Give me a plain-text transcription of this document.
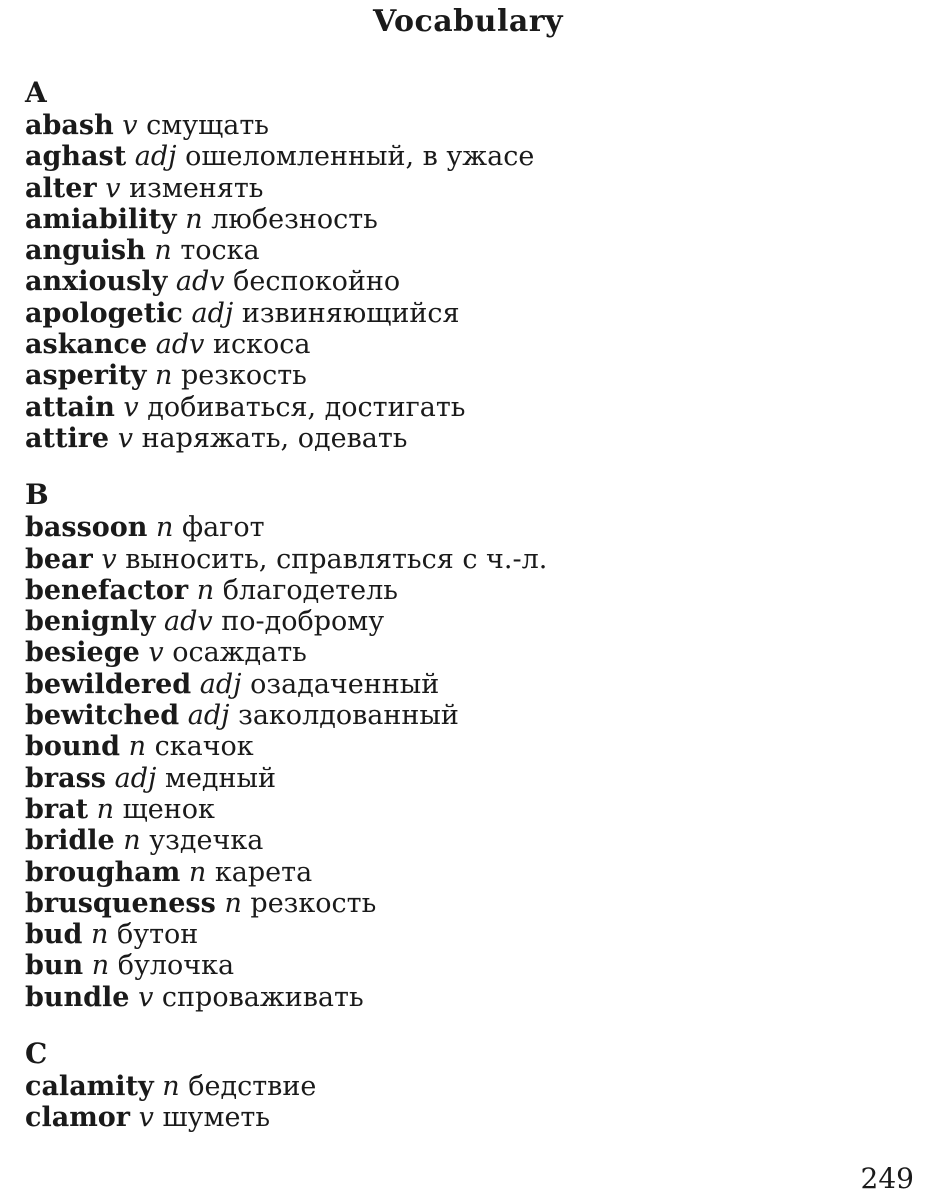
Vocabulary
A
abash v смущать
aghast adj ошеломленный, в ужасе
alter v изменять
amiability n любезность
anguish n тоска
anxiously adv беспокойно
apologetic adj извиняющийся
askance adv искоса
asperity n резкость
attain v добиваться, достигать
attire v наряжать, одевать
B
bassoon n фагот
bear v выносить, справляться с ч.-л.
benefactor n благодетель
benignly adv по-доброму
besiege v осаждать
bewildered adj озадаченный
bewitched adj заколдованный
bound n скачок
brass adj медный
brat n щенок
bridle n уздечка
brougham n карета
brusqueness n резкость
bud n бутон
bun n булочка
bundle v спроваживать
C
calamity n бедствие
clamor v шуметь
249
